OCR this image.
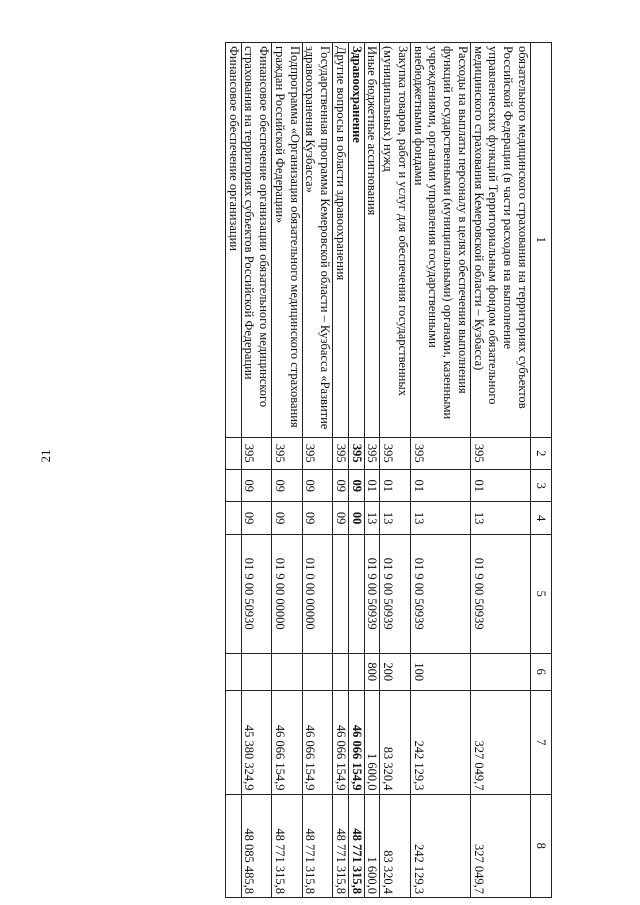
21
1	2	3	4	5	6	7	8
обязательного медицинского страхования на территориях субъектов Российской Федерации (в части расходов на выполнение управленческих функций Территориальным фондом обязательного медицинского страхования Кемеровской области – Кузбасса)	395	01	13	01 9 00 50939		327 049,7	327 049,7
Расходы на выплаты персоналу в целях обеспечения выполнения функций государственными (муниципальными) органами, казенными учреждениями, органами управления государственными внебюджетными фондами	395	01	13	01 9 00 50939	100	242 129,3	242 129,3
Закупка товаров, работ и услуг для обеспечения государственных (муниципальных) нужд	395	01	13	01 9 00 50939	200	83 320,4	83 320,4
Иные бюджетные ассигнования	395	01	13	01 9 00 50939	800	1 600,0	1 600,0
Здравоохранение	395	09	00			46 066 154,9	48 771 315,8
Другие вопросы в области здравоохранения	395	09	09			46 066 154,9	48 771 315,8
Государственная программа Кемеровской области – Кузбасса «Развитие здравоохранения Кузбасса»	395	09	09	01 0 00 00000		46 066 154,9	48 771 315,8
Подпрограмма «Организация обязательного медицинского страхования граждан Российской Федерации»	395	09	09	01 9 00 00000		46 066 154,9	48 771 315,8
Финансовое обеспечение организации обязательного медицинского страхования на территориях субъектов Российской Федерации	395	09	09	01 9 00 50930		45 380 324,9	48 085 485,8
Финансовое обеспечение организации							
